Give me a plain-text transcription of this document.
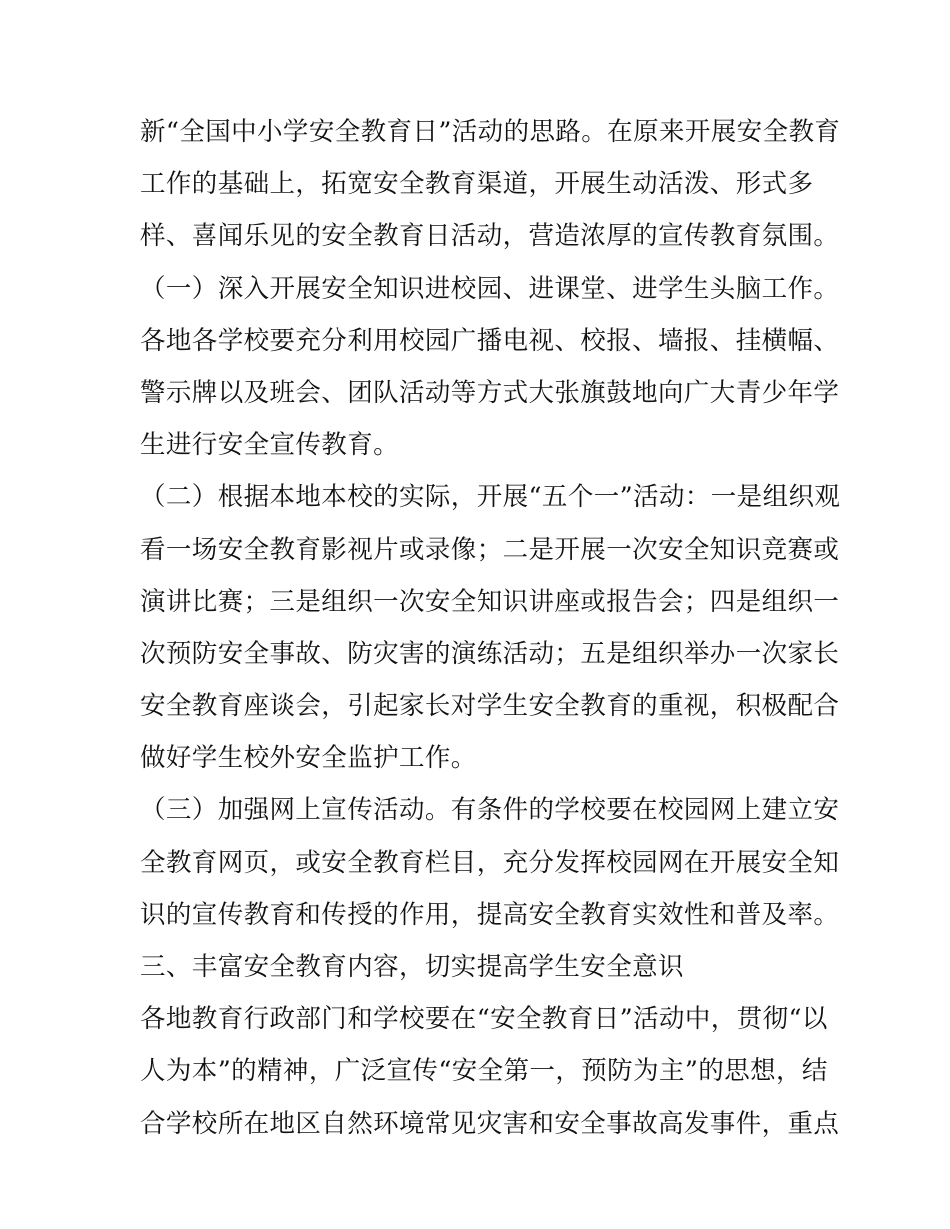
新“全国中小学安全教育日”活动的思路。在原来开展安全教育
工作的基础上，拓宽安全教育渠道，开展生动活泼、形式多
样、喜闻乐见的安全教育日活动，营造浓厚的宣传教育氛围。
（一）深入开展安全知识进校园、进课堂、进学生头脑工作。
各地各学校要充分利用校园广播电视、校报、墙报、挂横幅、
警示牌以及班会、团队活动等方式大张旗鼓地向广大青少年学
生进行安全宣传教育。
（二）根据本地本校的实际，开展“五个一”活动：一是组织观
看一场安全教育影视片或录像；二是开展一次安全知识竞赛或
演讲比赛；三是组织一次安全知识讲座或报告会；四是组织一
次预防安全事故、防灾害的演练活动；五是组织举办一次家长
安全教育座谈会，引起家长对学生安全教育的重视，积极配合
做好学生校外安全监护工作。
（三）加强网上宣传活动。有条件的学校要在校园网上建立安
全教育网页，或安全教育栏目，充分发挥校园网在开展安全知
识的宣传教育和传授的作用，提高安全教育实效性和普及率。
三、丰富安全教育内容，切实提高学生安全意识
各地教育行政部门和学校要在“安全教育日”活动中，贯彻“以
人为本”的精神，广泛宣传“安全第一，预防为主”的思想，结
合学校所在地区自然环境常见灾害和安全事故高发事件，重点
